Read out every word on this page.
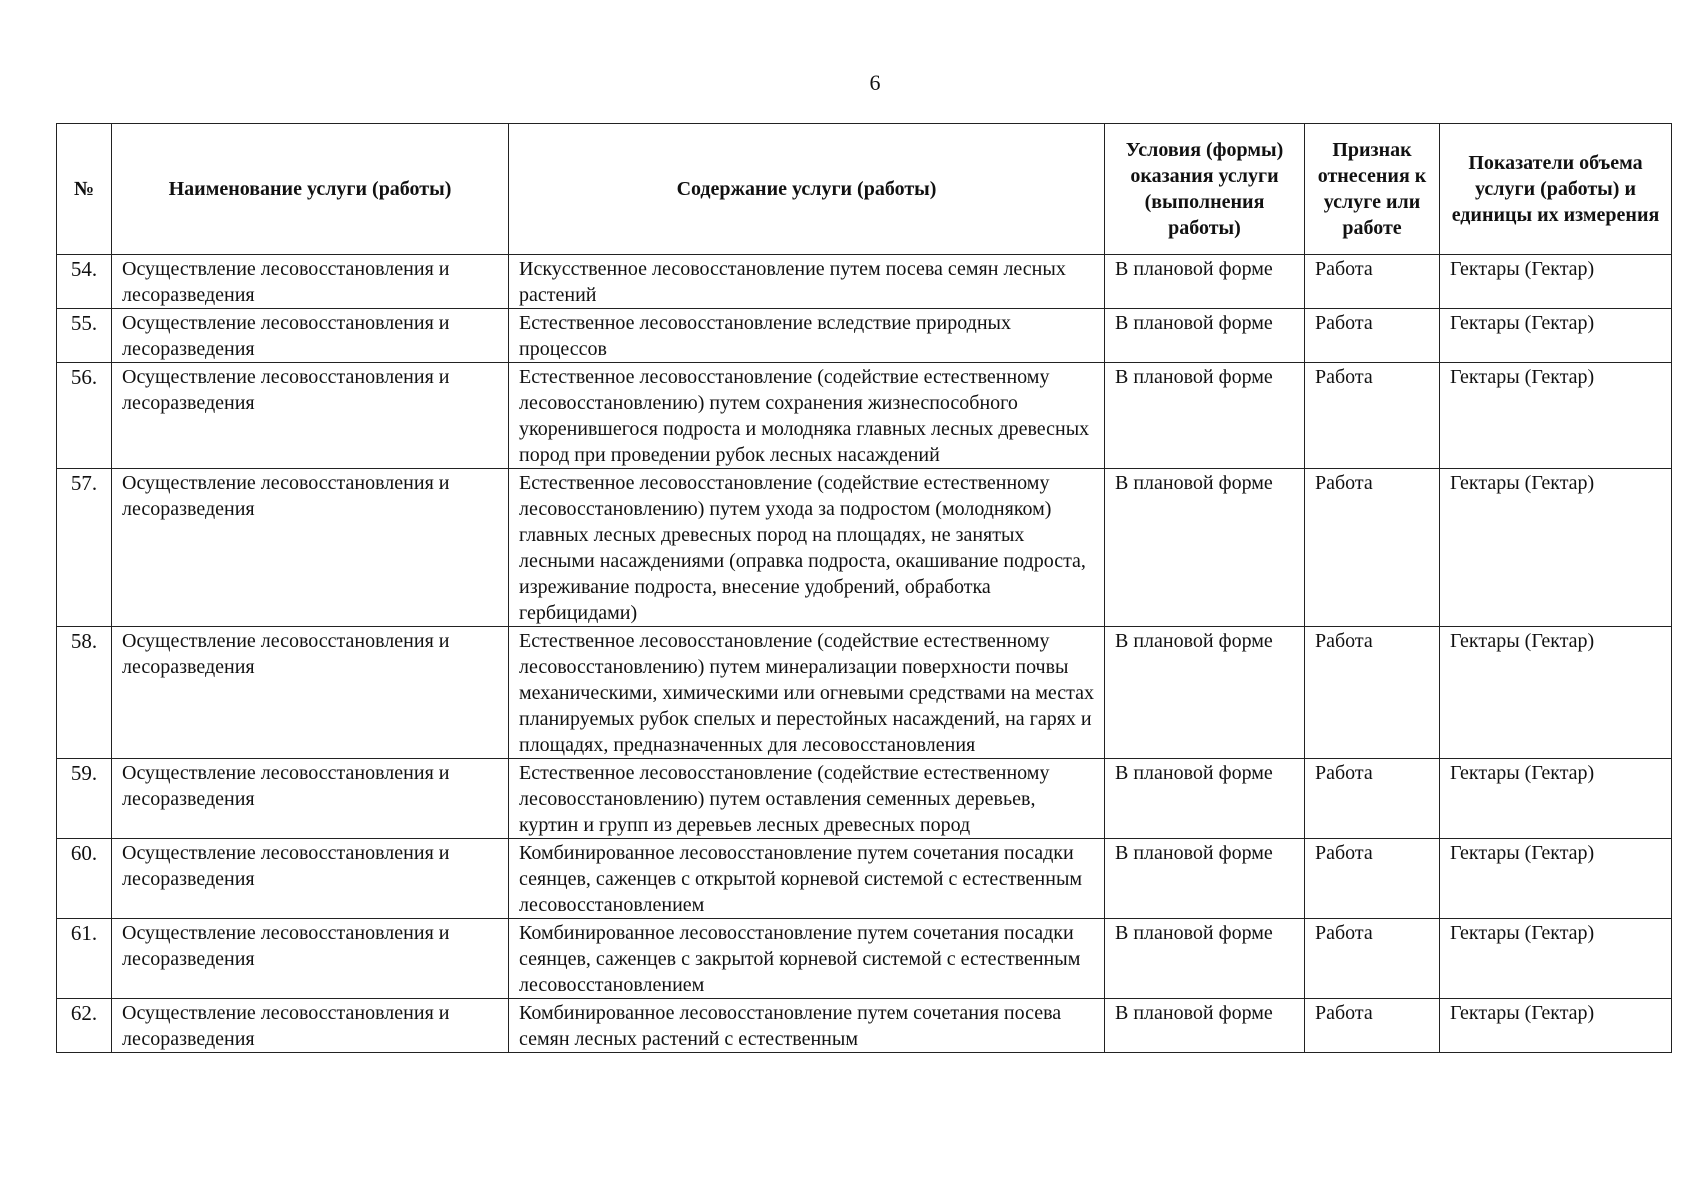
6
№	Наименование услуги (работы)	Содержание услуги (работы)	Условия (формы) оказания услуги (выполнения работы)	Признак отнесения к услуге или работе	Показатели объема услуги (работы) и единицы их измерения
54.	Осуществление лесовосстановления и лесоразведения	Искусственное лесовосстановление путем посева семян лесных растений	В плановой форме	Работа	Гектары (Гектар)
55.	Осуществление лесовосстановления и лесоразведения	Естественное лесовосстановление вследствие природных процессов	В плановой форме	Работа	Гектары (Гектар)
56.	Осуществление лесовосстановления и лесоразведения	Естественное лесовосстановление (содействие естественному лесовосстановлению) путем сохранения жизнеспособного укоренившегося подроста и молодняка главных лесных древесных пород при проведении рубок лесных насаждений	В плановой форме	Работа	Гектары (Гектар)
57.	Осуществление лесовосстановления и лесоразведения	Естественное лесовосстановление (содействие естественному лесовосстановлению) путем ухода за подростом (молодняком) главных лесных древесных пород на площадях, не занятых лесными насаждениями (оправка подроста, окашивание подроста, изреживание подроста, внесение удобрений, обработка гербицидами)	В плановой форме	Работа	Гектары (Гектар)
58.	Осуществление лесовосстановления и лесоразведения	Естественное лесовосстановление (содействие естественному лесовосстановлению) путем минерализации поверхности почвы механическими, химическими или огневыми средствами на местах планируемых рубок спелых и перестойных насаждений, на гарях и площадях, предназначенных для лесовосстановления	В плановой форме	Работа	Гектары (Гектар)
59.	Осуществление лесовосстановления и лесоразведения	Естественное лесовосстановление (содействие естественному лесовосстановлению) путем оставления семенных деревьев, куртин и групп из деревьев лесных древесных пород	В плановой форме	Работа	Гектары (Гектар)
60.	Осуществление лесовосстановления и лесоразведения	Комбинированное лесовосстановление путем сочетания посадки сеянцев, саженцев с открытой корневой системой с естественным лесовосстановлением	В плановой форме	Работа	Гектары (Гектар)
61.	Осуществление лесовосстановления и лесоразведения	Комбинированное лесовосстановление путем сочетания посадки сеянцев, саженцев с закрытой корневой системой с естественным лесовосстановлением	В плановой форме	Работа	Гектары (Гектар)
62.	Осуществление лесовосстановления и лесоразведения	Комбинированное лесовосстановление путем сочетания посева семян лесных растений с естественным	В плановой форме	Работа	Гектары (Гектар)
